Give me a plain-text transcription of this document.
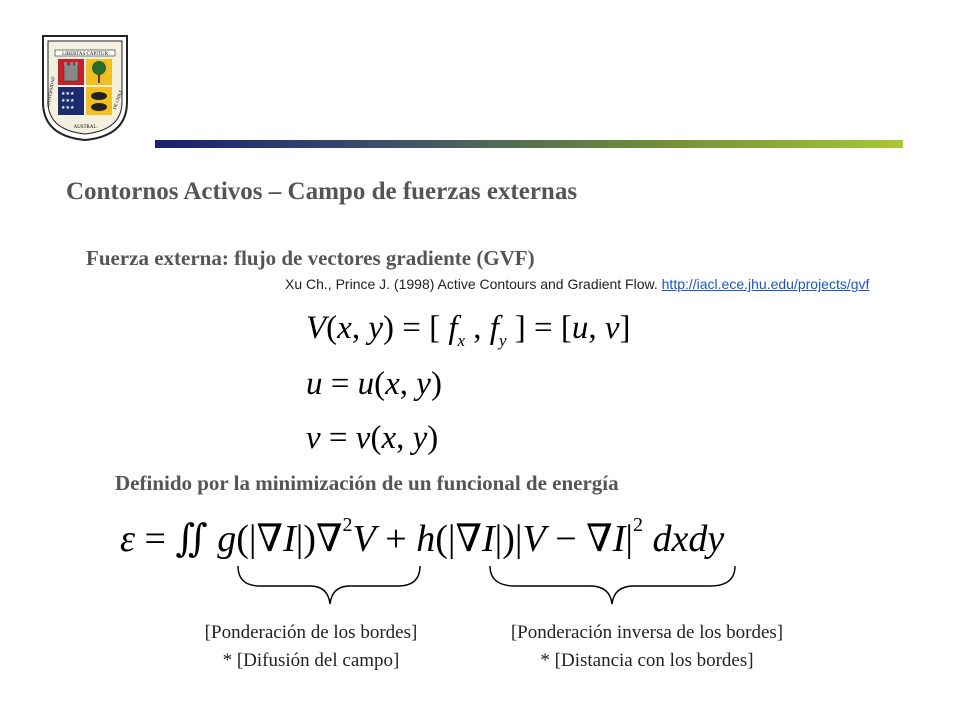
LIBERTAS CAPITUR
★★★
★★★
★★★
AUSTRAL
UNIVERSIDAD	DE CHILE
Contornos Activos – Campo de fuerzas externas
Fuerza externa: flujo de vectores gradiente (GVF)
Xu Ch., Prince J. (1998) Active Contours and Gradient Flow. http://iacl.ece.jhu.edu/projects/gvf
V(x, y) = [ $f_x$ , $f_y$ ] = [u, v]
u = u(x, y)
v = v(x, y)
Definido por la minimización de un funcional de energía
ε = ∬ $g(|\nabla I|)\nabla^2V + h(|\nabla I|)|V - \nabla I|^2$ dxdy
[Ponderación de los bordes]
* [Difusión del campo]
[Ponderación inversa de los bordes]
* [Distancia con los bordes]
